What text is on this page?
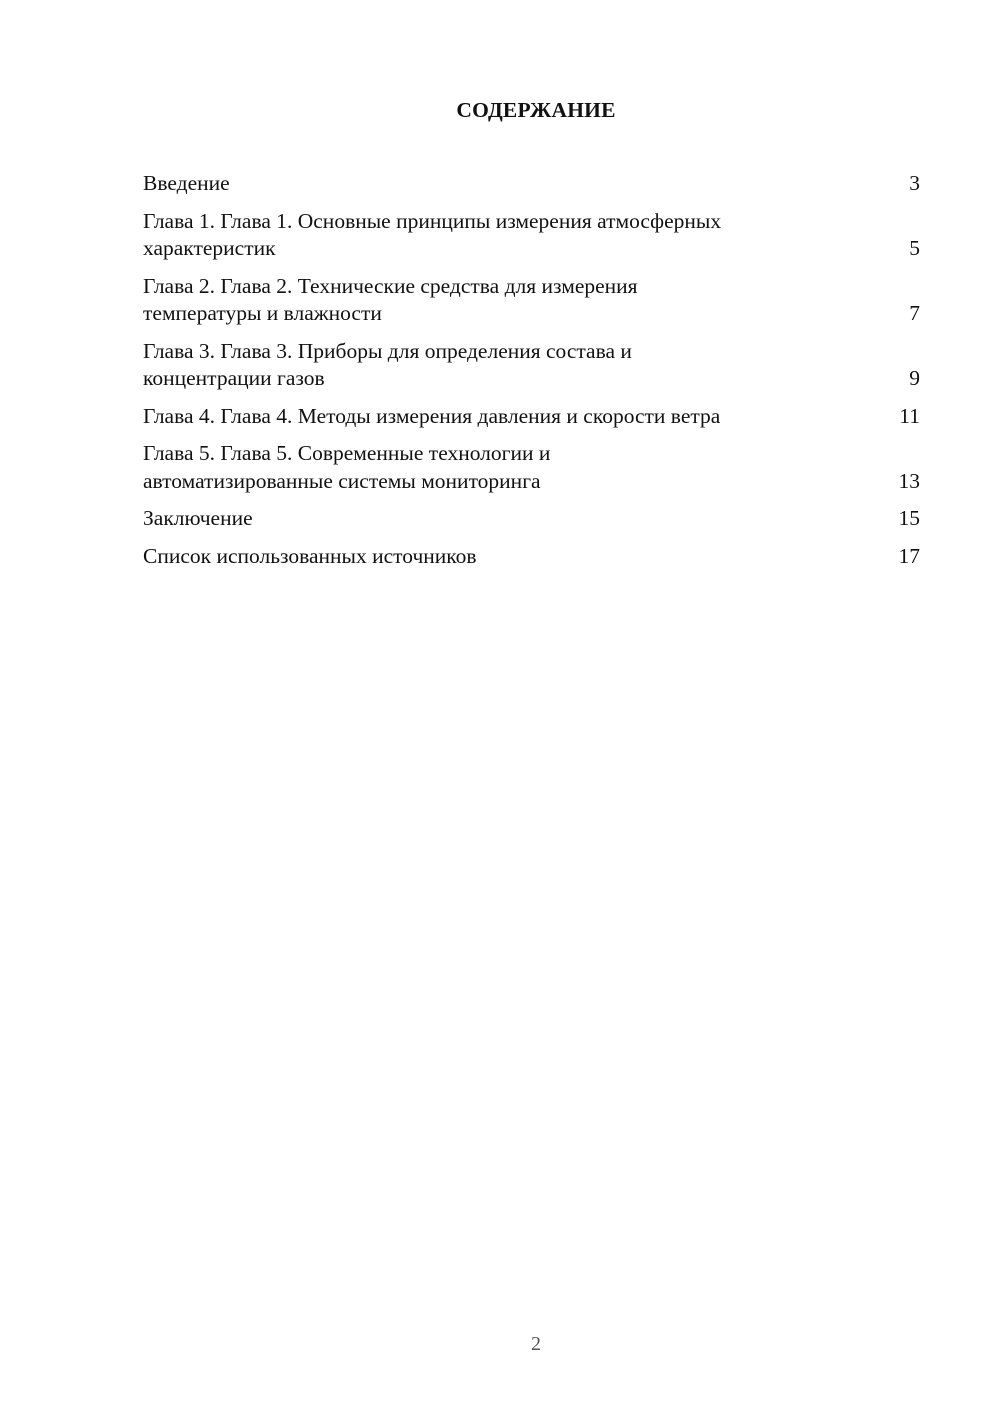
СОДЕРЖАНИЕ
Введение	3
Глава 1. Глава 1. Основные принципы измерения атмосферных характеристик	5
Глава 2. Глава 2. Технические средства для измерения температуры и влажности	7
Глава 3. Глава 3. Приборы для определения состава и концентрации газов	9
Глава 4. Глава 4. Методы измерения давления и скорости ветра	11
Глава 5. Глава 5. Современные технологии и автоматизированные системы мониторинга	13
Заключение	15
Список использованных источников	17

2
